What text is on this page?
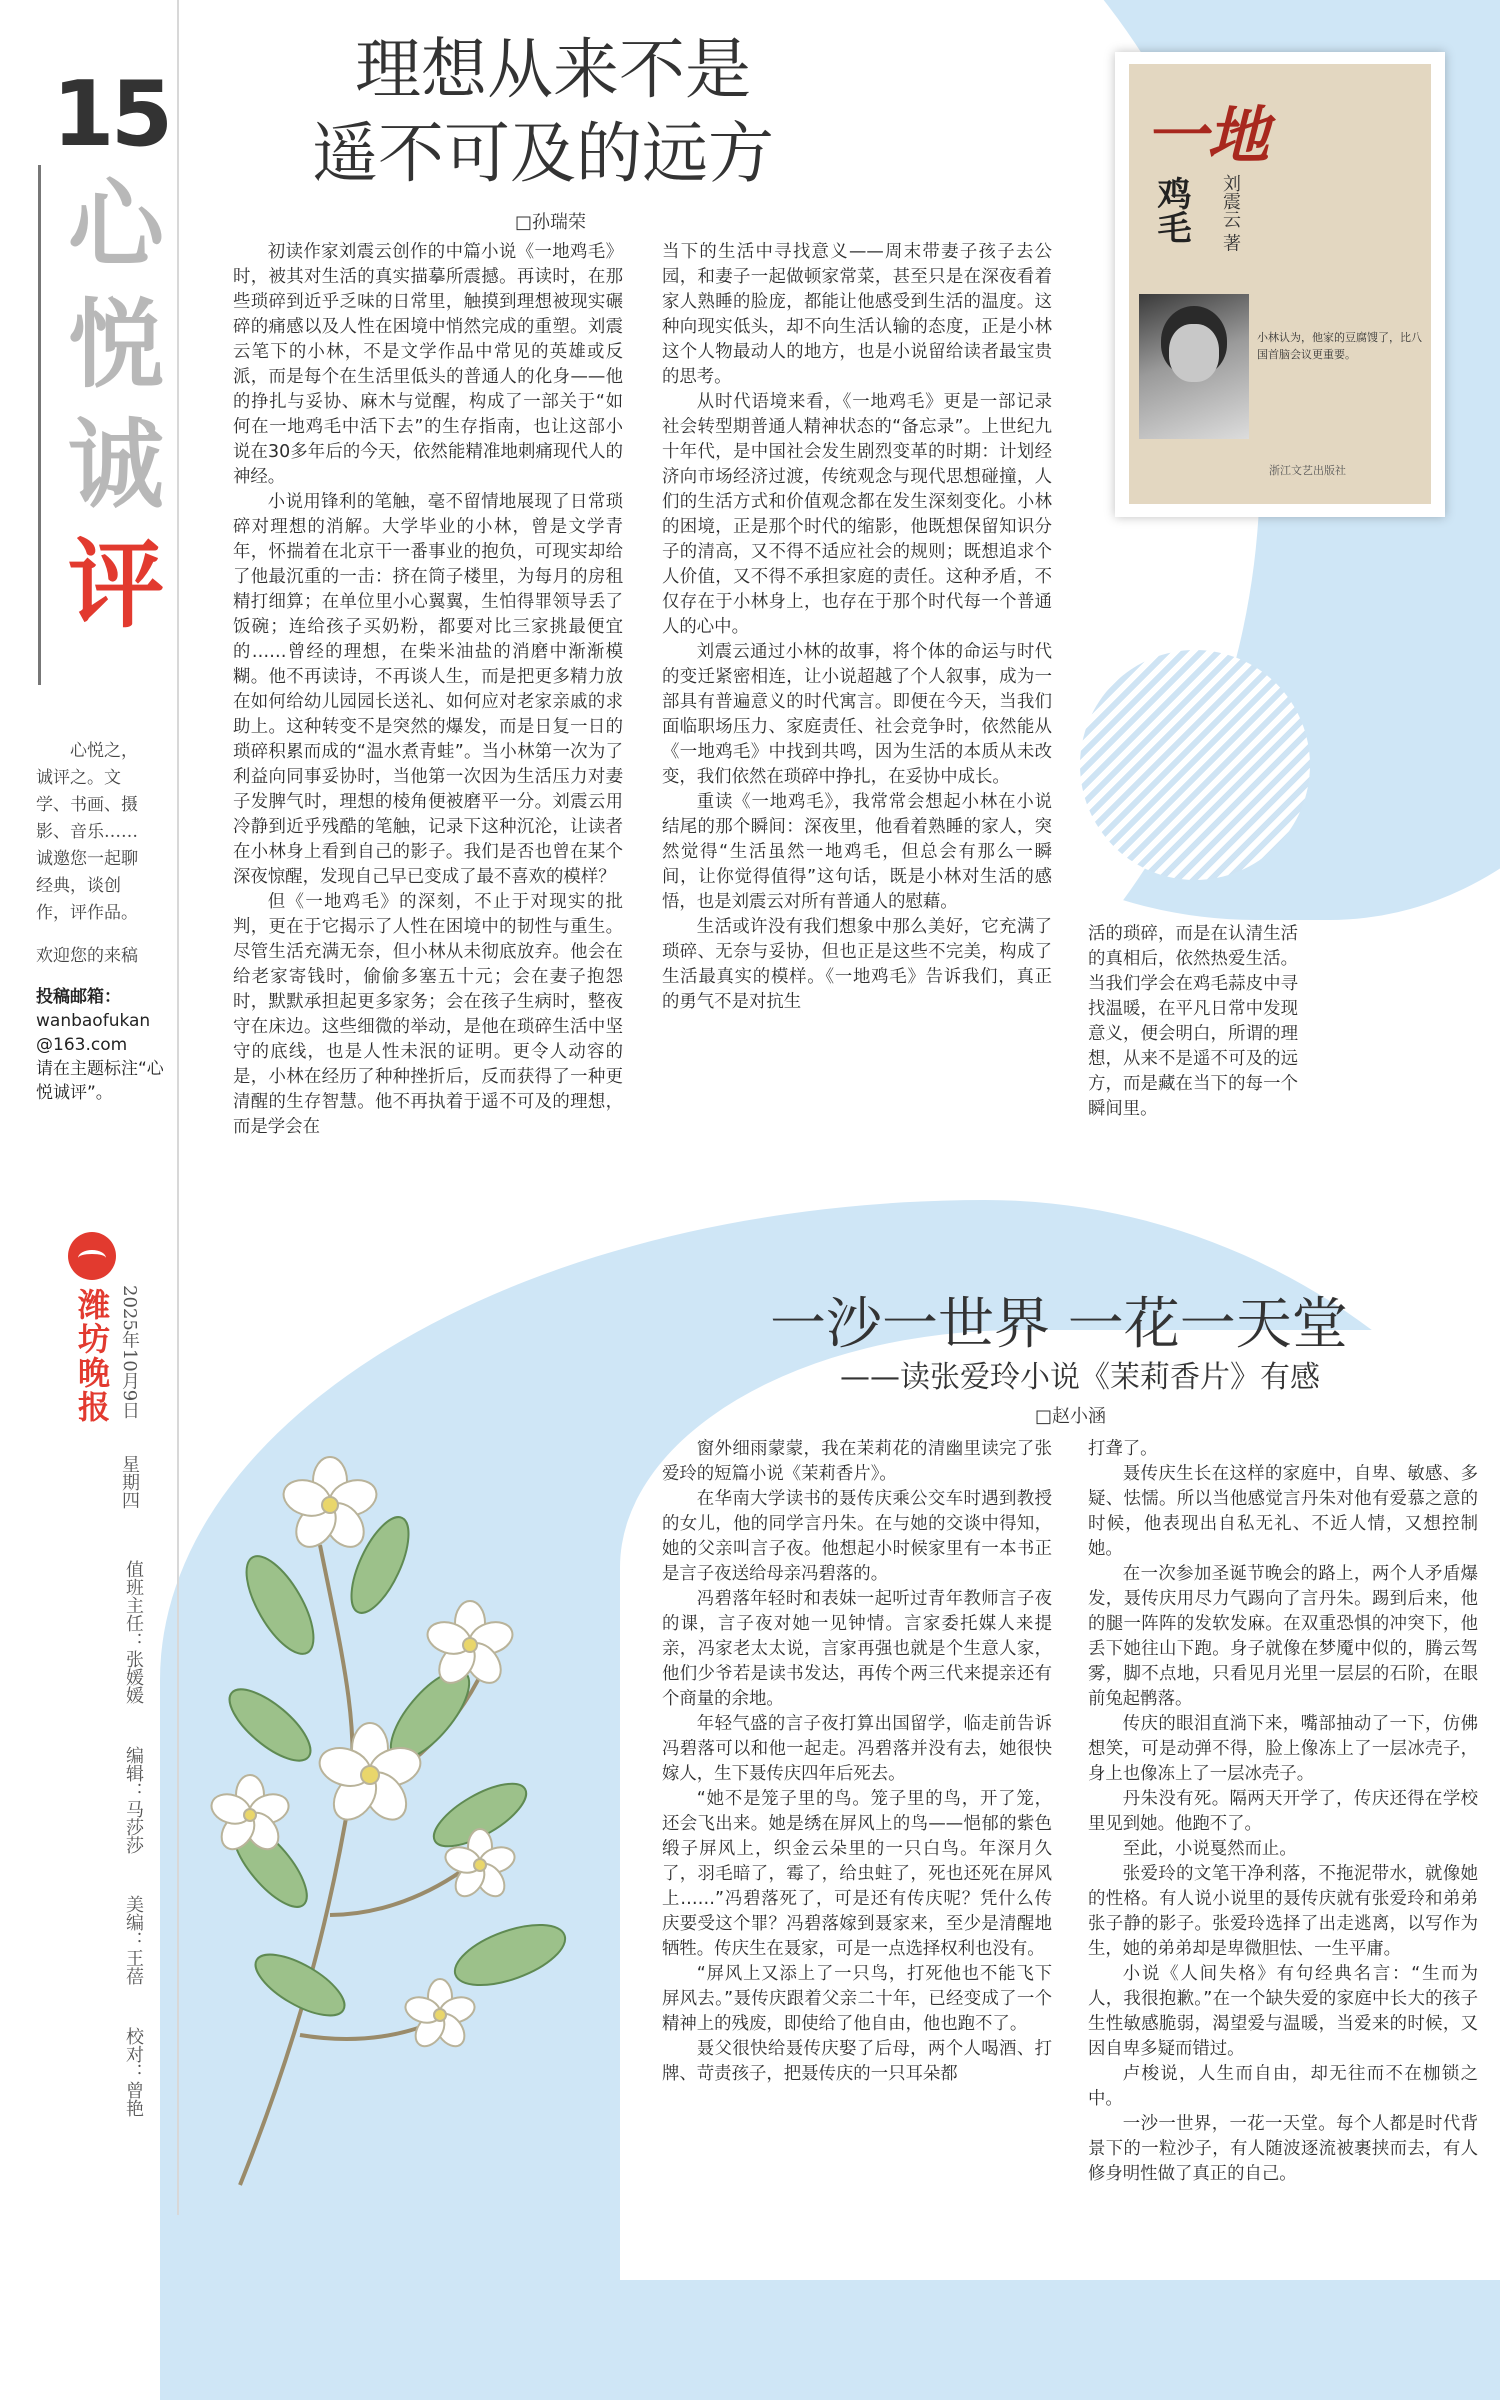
15
心
悦
诚
评
心悦之，诚评之。文学、书画、摄影、音乐……诚邀您一起聊经典，谈创作，评作品。
欢迎您的来稿
投稿邮箱：
wanbaofukan
@163.com
请在主题标注“心悦诚评”。
潍坊晚报 2025年10月9日 星期四
值班主任：张媛媛 编辑：马莎莎 美编：王蓓 校对：曾艳
理想从来不是
遥不可及的远方
□孙瑞荣

初读作家刘震云创作的中篇小说《一地鸡毛》时，被其对生活的真实描摹所震撼。再读时，在那些琐碎到近乎乏味的日常里，触摸到理想被现实碾碎的痛感以及人性在困境中悄然完成的重塑。刘震云笔下的小林，不是文学作品中常见的英雄或反派，而是每个在生活里低头的普通人的化身——他的挣扎与妥协、麻木与觉醒，构成了一部关于“如何在一地鸡毛中活下去”的生存指南，也让这部小说在30多年后的今天，依然能精准地刺痛现代人的神经。

小说用锋利的笔触，毫不留情地展现了日常琐碎对理想的消解。大学毕业的小林，曾是文学青年，怀揣着在北京干一番事业的抱负，可现实却给了他最沉重的一击：挤在筒子楼里，为每月的房租精打细算；在单位里小心翼翼，生怕得罪领导丢了饭碗；连给孩子买奶粉，都要对比三家挑最便宜的……曾经的理想，在柴米油盐的消磨中渐渐模糊。他不再读诗，不再谈人生，而是把更多精力放在如何给幼儿园园长送礼、如何应对老家亲戚的求助上。这种转变不是突然的爆发，而是日复一日的琐碎积累而成的“温水煮青蛙”。当小林第一次为了利益向同事妥协时，当他第一次因为生活压力对妻子发脾气时，理想的棱角便被磨平一分。刘震云用冷静到近乎残酷的笔触，记录下这种沉沦，让读者在小林身上看到自己的影子。我们是否也曾在某个深夜惊醒，发现自己早已变成了最不喜欢的模样？

但《一地鸡毛》的深刻，不止于对现实的批判，更在于它揭示了人性在困境中的韧性与重生。尽管生活充满无奈，但小林从未彻底放弃。他会在给老家寄钱时，偷偷多塞五十元；会在妻子抱怨时，默默承担起更多家务；会在孩子生病时，整夜守在床边。这些细微的举动，是他在琐碎生活中坚守的底线，也是人性未泯的证明。更令人动容的是，小林在经历了种种挫折后，反而获得了一种更清醒的生存智慧。他不再执着于遥不可及的理想，而是学会在

当下的生活中寻找意义——周末带妻子孩子去公园，和妻子一起做顿家常菜，甚至只是在深夜看着家人熟睡的脸庞，都能让他感受到生活的温度。这种向现实低头，却不向生活认输的态度，正是小林这个人物最动人的地方，也是小说留给读者最宝贵的思考。

从时代语境来看，《一地鸡毛》更是一部记录社会转型期普通人精神状态的“备忘录”。上世纪九十年代，是中国社会发生剧烈变革的时期：计划经济向市场经济过渡，传统观念与现代思想碰撞，人们的生活方式和价值观念都在发生深刻变化。小林的困境，正是那个时代的缩影，他既想保留知识分子的清高，又不得不适应社会的规则；既想追求个人价值，又不得不承担家庭的责任。这种矛盾，不仅存在于小林身上，也存在于那个时代每一个普通人的心中。

刘震云通过小林的故事，将个体的命运与时代的变迁紧密相连，让小说超越了个人叙事，成为一部具有普遍意义的时代寓言。即便在今天，当我们面临职场压力、家庭责任、社会竞争时，依然能从《一地鸡毛》中找到共鸣，因为生活的本质从未改变，我们依然在琐碎中挣扎，在妥协中成长。

重读《一地鸡毛》，我常常会想起小林在小说结尾的那个瞬间：深夜里，他看着熟睡的家人，突然觉得“生活虽然一地鸡毛，但总会有那么一瞬间，让你觉得值得”这句话，既是小林对生活的感悟，也是刘震云对所有普通人的慰藉。

生活或许没有我们想象中那么美好，它充满了琐碎、无奈与妥协，但也正是这些不完美，构成了生活最真实的模样。《一地鸡毛》告诉我们，真正的勇气不是对抗生

活的琐碎，而是在认清生活的真相后，依然热爱生活。当我们学会在鸡毛蒜皮中寻找温暖，在平凡日常中发现意义，便会明白，所谓的理想，从来不是遥不可及的远方，而是藏在当下的每一个瞬间里。

一地
鸡毛 刘震云 著
小林认为，他家的豆腐馊了，比八国首脑会议更重要。
浙江文艺出版社
一沙一世界 一花一天堂
——读张爱玲小说《茉莉香片》有感
□赵小涵

窗外细雨蒙蒙，我在茉莉花的清幽里读完了张爱玲的短篇小说《茉莉香片》。

在华南大学读书的聂传庆乘公交车时遇到教授的女儿，他的同学言丹朱。在与她的交谈中得知，她的父亲叫言子夜。他想起小时候家里有一本书正是言子夜送给母亲冯碧落的。

冯碧落年轻时和表妹一起听过青年教师言子夜的课，言子夜对她一见钟情。言家委托媒人来提亲，冯家老太太说，言家再强也就是个生意人家，他们少爷若是读书发达，再传个两三代来提亲还有个商量的余地。

年轻气盛的言子夜打算出国留学，临走前告诉冯碧落可以和他一起走。冯碧落并没有去，她很快嫁人，生下聂传庆四年后死去。

“她不是笼子里的鸟。笼子里的鸟，开了笼，还会飞出来。她是绣在屏风上的鸟——悒郁的紫色缎子屏风上，织金云朵里的一只白鸟。年深月久了，羽毛暗了，霉了，给虫蛀了，死也还死在屏风上……”冯碧落死了，可是还有传庆呢？凭什么传庆要受这个罪？冯碧落嫁到聂家来，至少是清醒地牺牲。传庆生在聂家，可是一点选择权利也没有。

“屏风上又添上了一只鸟，打死他也不能飞下屏风去。”聂传庆跟着父亲二十年，已经变成了一个精神上的残废，即使给了他自由，他也跑不了。

聂父很快给聂传庆娶了后母，两个人喝酒、打牌、苛责孩子，把聂传庆的一只耳朵都

打聋了。

聂传庆生长在这样的家庭中，自卑、敏感、多疑、怯懦。所以当他感觉言丹朱对他有爱慕之意的时候，他表现出自私无礼、不近人情，又想控制她。

在一次参加圣诞节晚会的路上，两个人矛盾爆发，聂传庆用尽力气踢向了言丹朱。踢到后来，他的腿一阵阵的发软发麻。在双重恐惧的冲突下，他丢下她往山下跑。身子就像在梦魇中似的，腾云驾雾，脚不点地，只看见月光里一层层的石阶，在眼前兔起鹘落。

传庆的眼泪直淌下来，嘴部抽动了一下，仿佛想笑，可是动弹不得，脸上像冻上了一层冰壳子，身上也像冻上了一层冰壳子。

丹朱没有死。隔两天开学了，传庆还得在学校里见到她。他跑不了。

至此，小说戛然而止。

张爱玲的文笔干净利落，不拖泥带水，就像她的性格。有人说小说里的聂传庆就有张爱玲和弟弟张子静的影子。张爱玲选择了出走逃离，以写作为生，她的弟弟却是卑微胆怯、一生平庸。

小说《人间失格》有句经典名言：“生而为人，我很抱歉。”在一个缺失爱的家庭中长大的孩子生性敏感脆弱，渴望爱与温暖，当爱来的时候，又因自卑多疑而错过。

卢梭说，人生而自由，却无往而不在枷锁之中。

一沙一世界，一花一天堂。每个人都是时代背景下的一粒沙子，有人随波逐流被裹挟而去，有人修身明性做了真正的自己。
